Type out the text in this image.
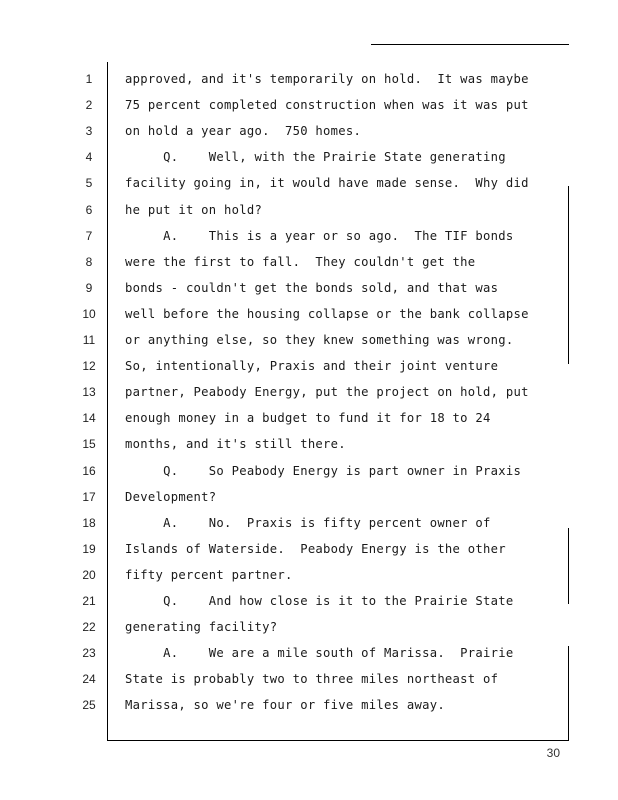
1	approved, and it's temporarily on hold.  It was maybe
2	75 percent completed construction when was it was put
3	on hold a year ago.  750 homes.
4	Q.    Well, with the Prairie State generating
5	facility going in, it would have made sense.  Why did
6	he put it on hold?
7	A.    This is a year or so ago.  The TIF bonds
8	were the first to fall.  They couldn't get the
9	bonds - couldn't get the bonds sold, and that was
10	well before the housing collapse or the bank collapse
11	or anything else, so they knew something was wrong.
12	So, intentionally, Praxis and their joint venture
13	partner, Peabody Energy, put the project on hold, put
14	enough money in a budget to fund it for 18 to 24
15	months, and it's still there.
16	Q.    So Peabody Energy is part owner in Praxis
17	Development?
18	A.    No.  Praxis is fifty percent owner of
19	Islands of Waterside.  Peabody Energy is the other
20	fifty percent partner.
21	Q.    And how close is it to the Prairie State
22	generating facility?
23	A.    We are a mile south of Marissa.  Prairie
24	State is probably two to three miles northeast of
25	Marissa, so we're four or five miles away.
30
